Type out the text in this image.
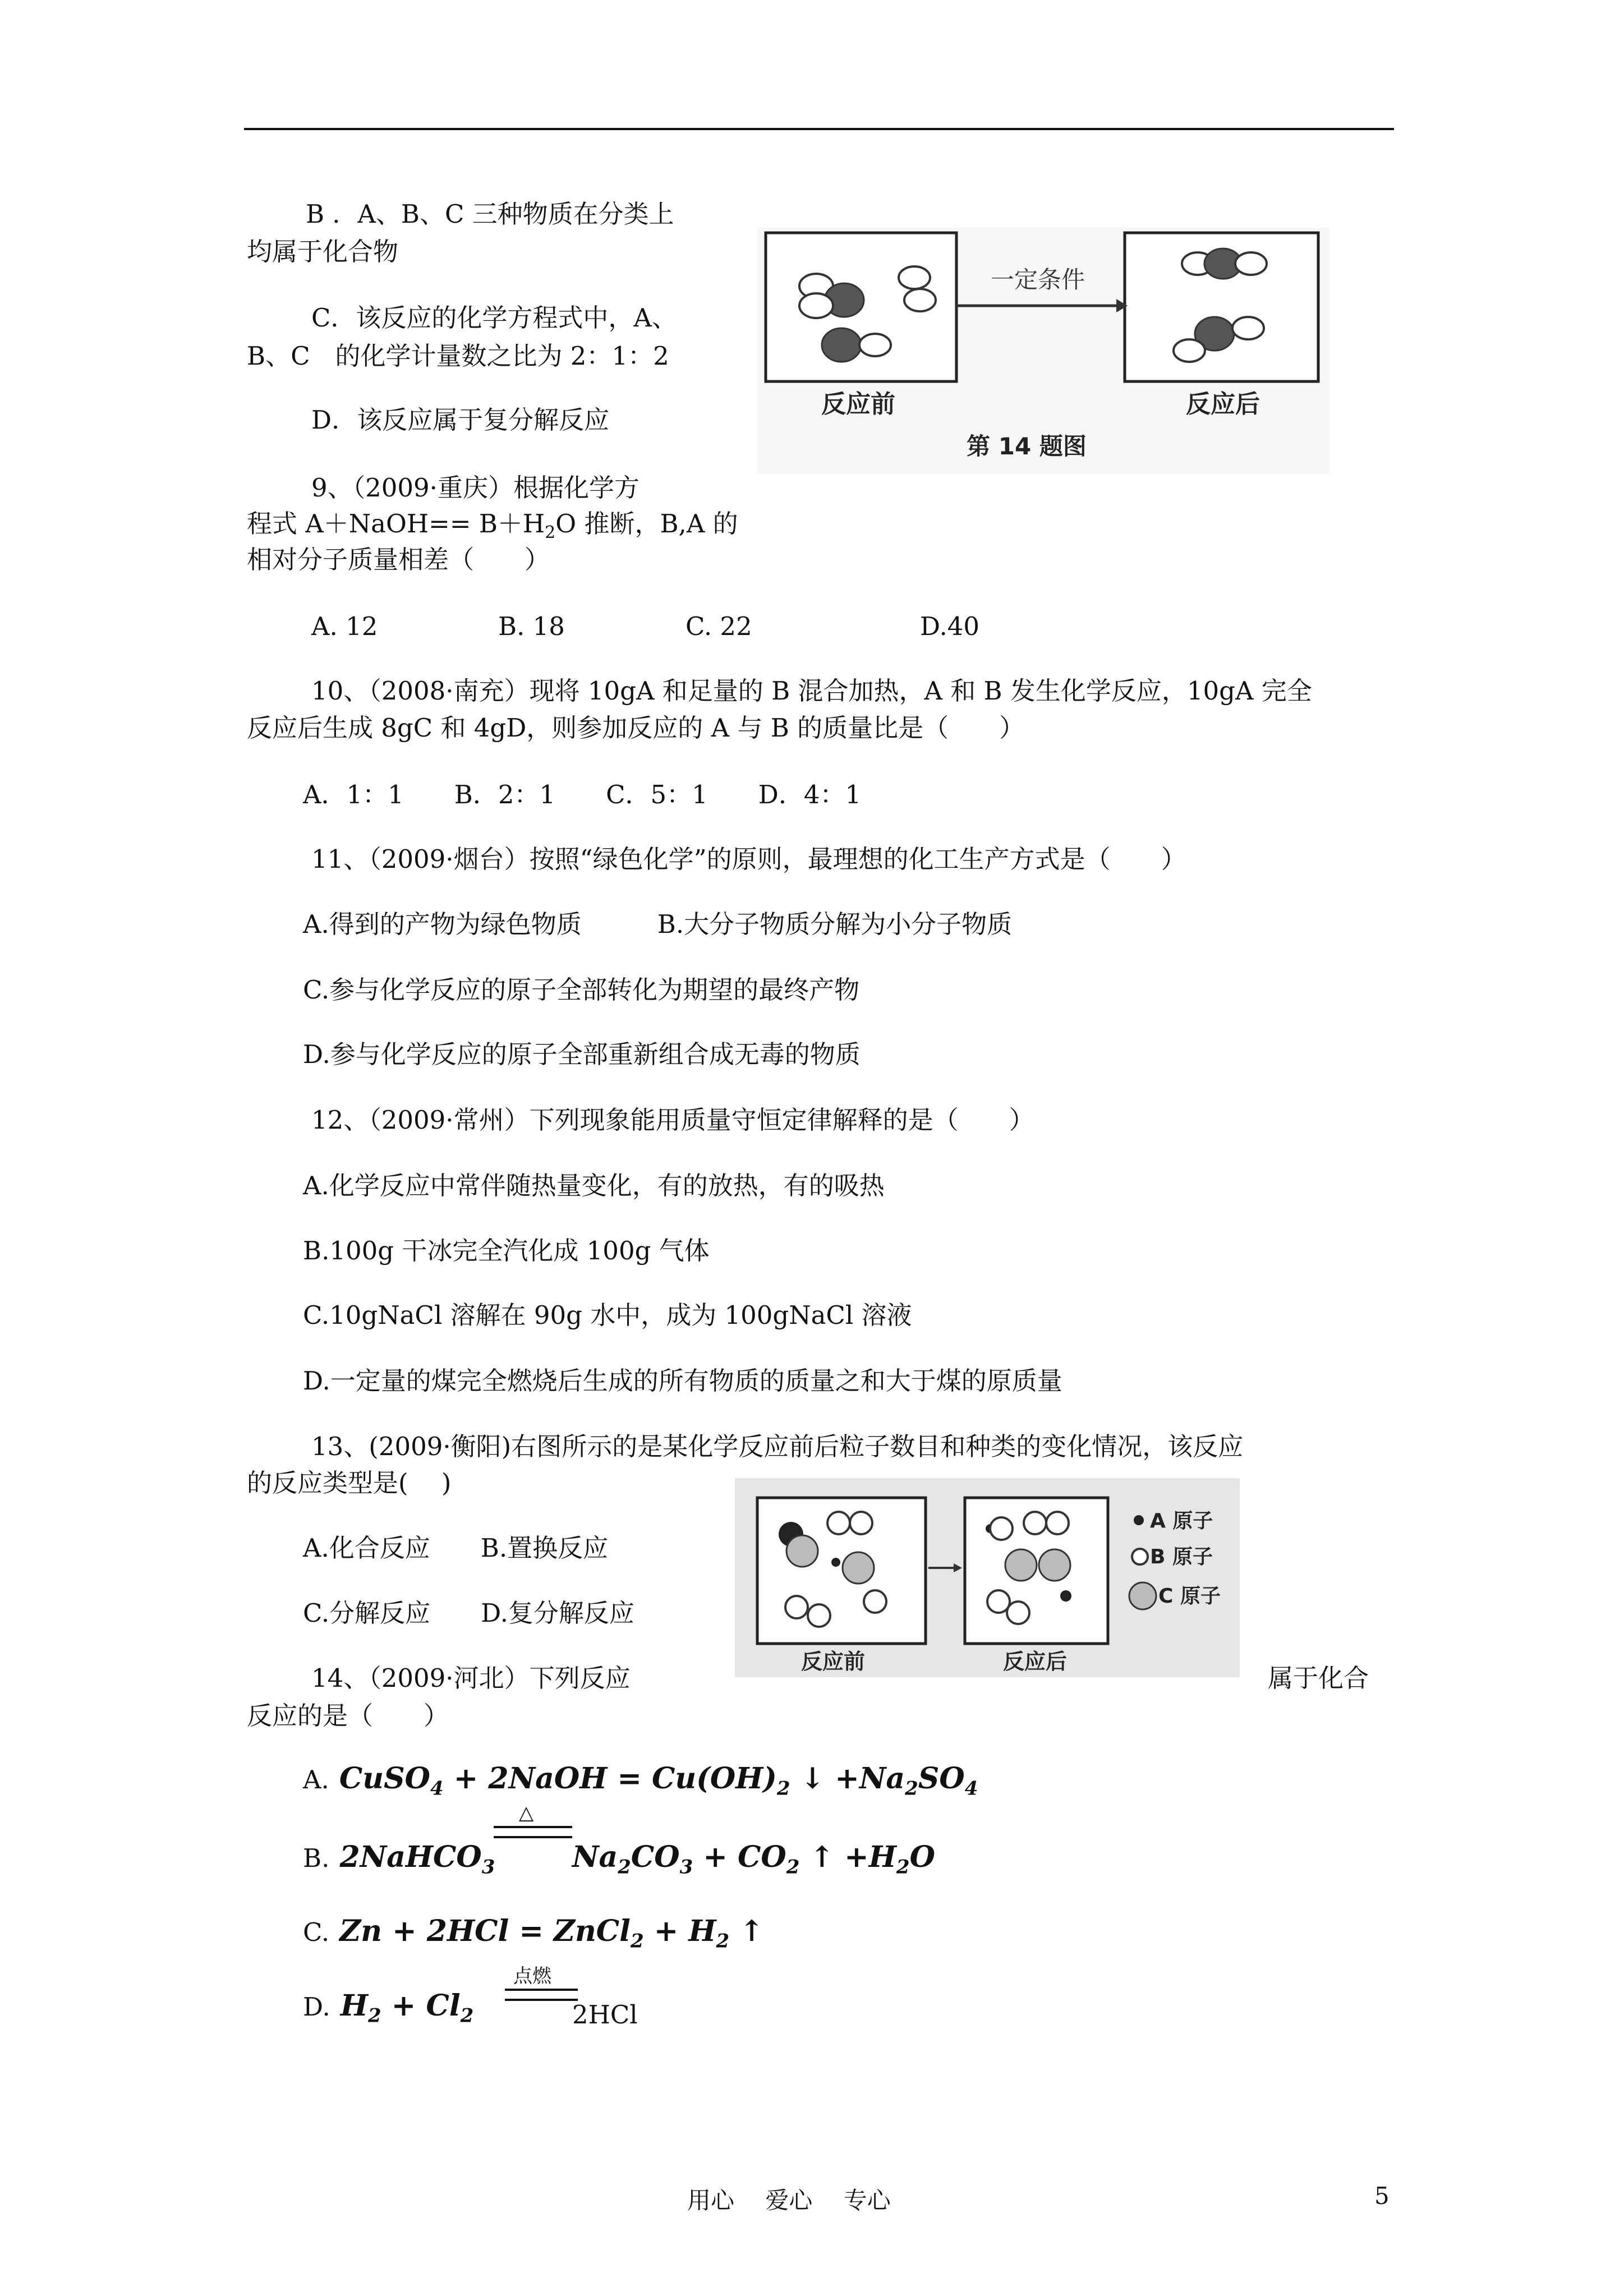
B ．A、B、C 三种物质在分类上
均属于化合物
C．该反应的化学方程式中，A、
B、C　的化学计量数之比为 2：1：2
D．该反应属于复分解反应
9、（2009·重庆）根据化学方
程式 A＋NaOH== $B+H_2O$ 推断，B,A 的
相对分子质量相差（　　）
A. 12	B. 18	C. 22	D.40
10、（2008·南充）现将 10gA 和足量的 B 混合加热，A 和 B 发生化学反应，10gA 完全
反应后生成 8gC 和 4gD，则参加反应的 A 与 B 的质量比是（　　）
A．1：1　　B．2：1　　C．5：1　　D．4：1
11、（2009·烟台）按照“绿色化学”的原则，最理想的化工生产方式是（　　）
A.得到的产物为绿色物质　　　B.大分子物质分解为小分子物质
C.参与化学反应的原子全部转化为期望的最终产物
D.参与化学反应的原子全部重新组合成无毒的物质
12、（2009·常州）下列现象能用质量守恒定律解释的是（　　）
A.化学反应中常伴随热量变化，有的放热，有的吸热
B.100g 干冰完全汽化成 100g 气体
C.10gNaCl 溶解在 90g 水中，成为 100gNaCl 溶液
D.一定量的煤完全燃烧后生成的所有物质的质量之和大于煤的原质量
13、(2009·衡阳)右图所示的是某化学反应前后粒子数目和种类的变化情况，该反应
的反应类型是(　 )
A.化合反应　　B.置换反应
C.分解反应　　D.复分解反应
14、（2009·河北）下列反应	属于化合
反应的是（　　）
A. CuSO$_4$ + 2NaOH = $Cu(OH)_2$ ↓ $+Na_2SO_4$
B. 2NaHCO$_3$
△
$Na_2CO_3 + CO_2$ ↑ $+H_2O$
C. Zn + 2HCl = ZnCl$_2$ + $H_2$ ↑
D. $H_2 + Cl_2$
点燃
2HCl
一定条件
反应前	反应后
第 14 题图
A 原子
B 原子
C 原子
反应前	反应后
用心　 爱心　 专心	5
